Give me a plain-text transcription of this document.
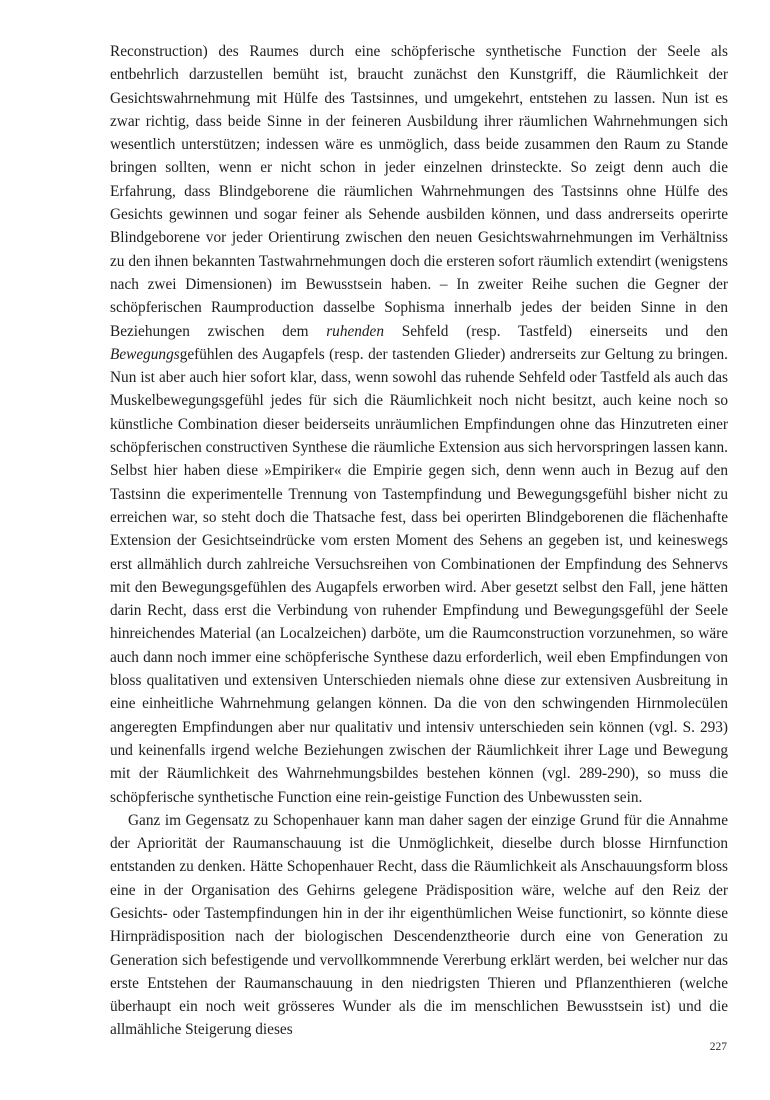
Reconstruction) des Raumes durch eine schöpferische synthetische Function der Seele als entbehrlich darzustellen bemüht ist, braucht zunächst den Kunstgriff, die Räumlichkeit der Gesichtswahrnehmung mit Hülfe des Tastsinnes, und umgekehrt, entstehen zu lassen. Nun ist es zwar richtig, dass beide Sinne in der feineren Ausbildung ihrer räumlichen Wahrnehmungen sich wesentlich unterstützen; indessen wäre es unmöglich, dass beide zusammen den Raum zu Stande bringen sollten, wenn er nicht schon in jeder einzelnen drinsteckte. So zeigt denn auch die Erfahrung, dass Blindgeborene die räumlichen Wahrnehmungen des Tastsinns ohne Hülfe des Gesichts gewinnen und sogar feiner als Sehende ausbilden können, und dass andrerseits operirte Blindgeborene vor jeder Orientirung zwischen den neuen Gesichtswahrnehmungen im Verhältniss zu den ihnen bekannten Tastwahrnehmungen doch die ersteren sofort räumlich extendirt (wenigstens nach zwei Dimensionen) im Bewusstsein haben. – In zweiter Reihe suchen die Gegner der schöpferischen Raumproduction dasselbe Sophisma innerhalb jedes der beiden Sinne in den Beziehungen zwischen dem ruhenden Sehfeld (resp. Tastfeld) einerseits und den Bewegungsgefühlen des Augapfels (resp. der tastenden Glieder) andrerseits zur Geltung zu bringen. Nun ist aber auch hier sofort klar, dass, wenn sowohl das ruhende Sehfeld oder Tastfeld als auch das Muskelbewegungsgefühl jedes für sich die Räumlichkeit noch nicht besitzt, auch keine noch so künstliche Combination dieser beiderseits unräumlichen Empfindungen ohne das Hinzutreten einer schöpferischen constructiven Synthese die räumliche Extension aus sich hervorspringen lassen kann. Selbst hier haben diese »Empiriker« die Empirie gegen sich, denn wenn auch in Bezug auf den Tastsinn die experimentelle Trennung von Tastempfindung und Bewegungsgefühl bisher nicht zu erreichen war, so steht doch die Thatsache fest, dass bei operirten Blindgeborenen die flächenhafte Extension der Gesichtseindrücke vom ersten Moment des Sehens an gegeben ist, und keineswegs erst allmählich durch zahlreiche Versuchsreihen von Combinationen der Empfindung des Sehnervs mit den Bewegungsgefühlen des Augapfels erworben wird. Aber gesetzt selbst den Fall, jene hätten darin Recht, dass erst die Verbindung von ruhender Empfindung und Bewegungsgefühl der Seele hinreichendes Material (an Localzeichen) darböte, um die Raumconstruction vorzunehmen, so wäre auch dann noch immer eine schöpferische Synthese dazu erforderlich, weil eben Empfindungen von bloss qualitativen und extensiven Unterschieden niemals ohne diese zur extensiven Ausbreitung in eine einheitliche Wahrnehmung gelangen können. Da die von den schwingenden Hirnmolecülen angeregten Empfindungen aber nur qualitativ und intensiv unterschieden sein können (vgl. S. 293) und keinenfalls irgend welche Beziehungen zwischen der Räumlichkeit ihrer Lage und Bewegung mit der Räumlichkeit des Wahrnehmungsbildes bestehen können (vgl. 289-290), so muss die schöpferische synthetische Function eine rein-geistige Function des Unbewussten sein.

Ganz im Gegensatz zu Schopenhauer kann man daher sagen der einzige Grund für die Annahme der Apriorität der Raumanschauung ist die Unmöglichkeit, dieselbe durch blosse Hirnfunction entstanden zu denken. Hätte Schopenhauer Recht, dass die Räumlichkeit als Anschauungsform bloss eine in der Organisation des Gehirns gelegene Prädisposition wäre, welche auf den Reiz der Gesichts- oder Tastempfindungen hin in der ihr eigenthümlichen Weise functionirt, so könnte diese Hirnprädisposition nach der biologischen Descendenztheorie durch eine von Generation zu Generation sich befestigende und vervollkommnende Vererbung erklärt werden, bei welcher nur das erste Entstehen der Raumanschauung in den niedrigsten Thieren und Pflanzenthieren (welche überhaupt ein noch weit grösseres Wunder als die im menschlichen Bewusstsein ist) und die allmähliche Steigerung dieses

227
